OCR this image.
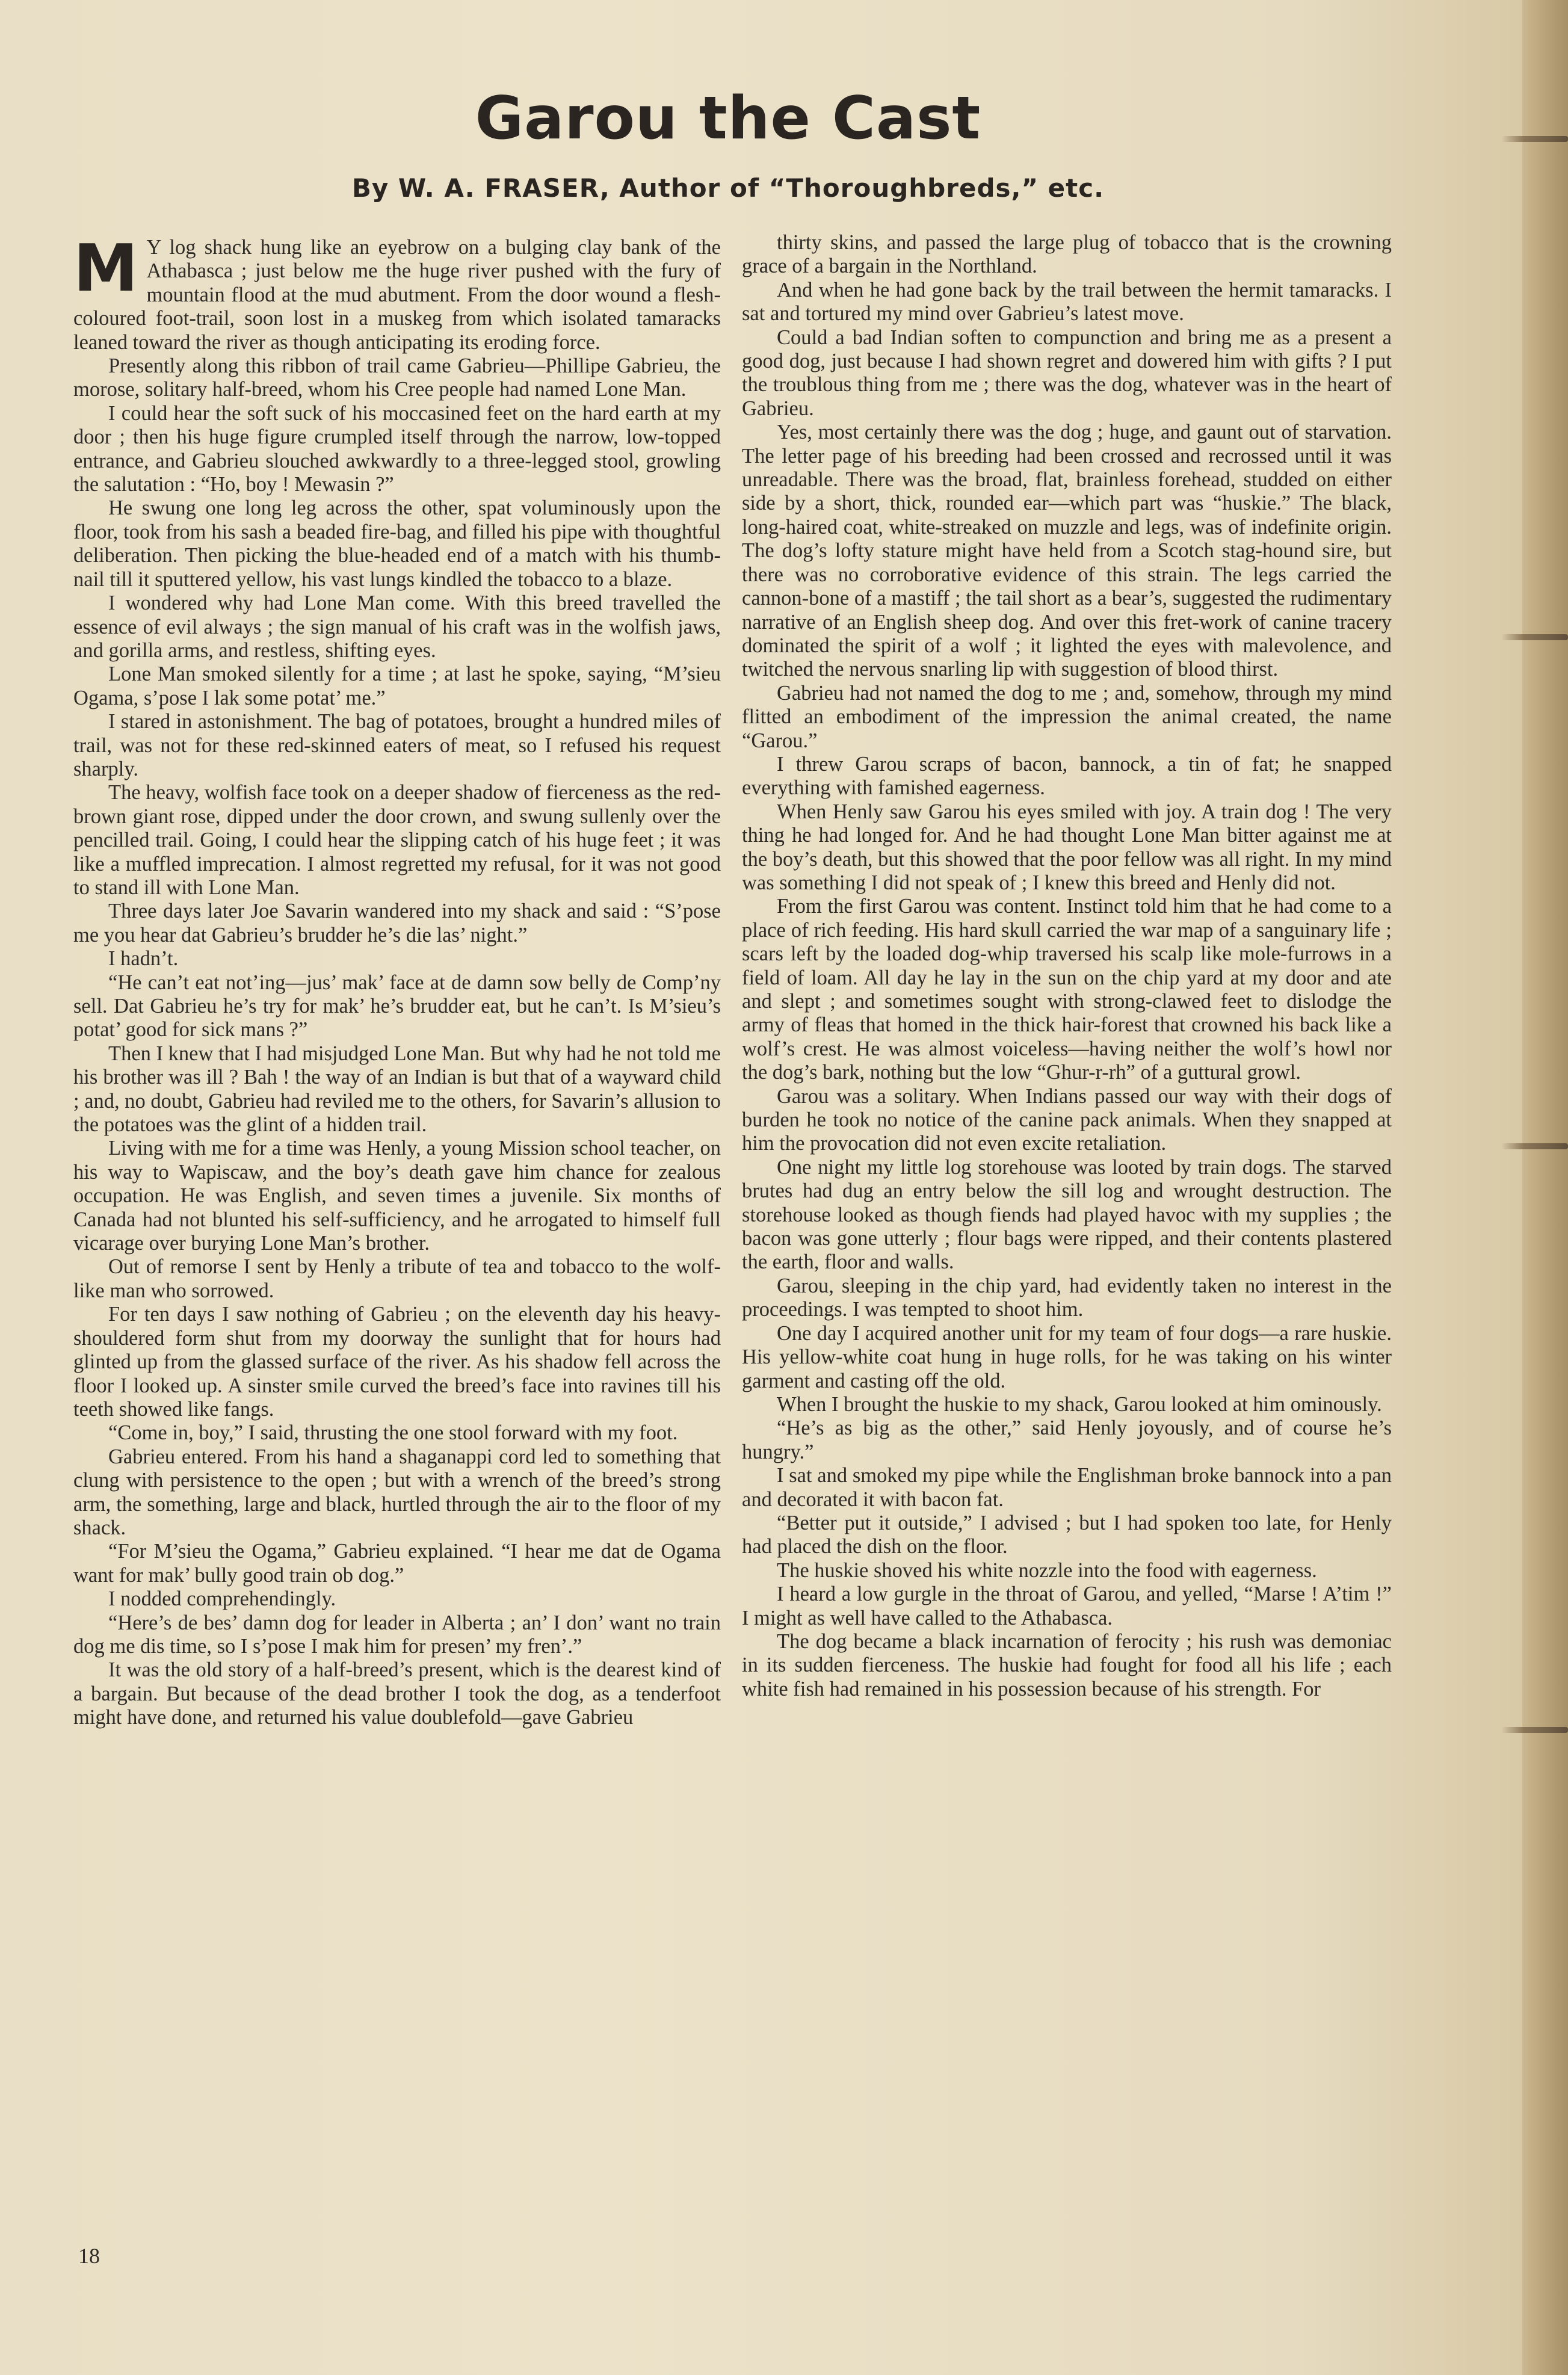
Garou the Cast
By W. A. FRASER, Author of “Thoroughbreds,” etc.
M Y log shack hung like an eyebrow on a bulging clay bank of the Athabasca ; just below me the huge river pushed with the fury of mountain flood at the mud abutment. From the door wound a flesh-coloured foot-trail, soon lost in a muskeg from which isolated tamaracks leaned toward the river as though anticipating its eroding force.

Presently along this ribbon of trail came Gabrieu—Phillipe Gabrieu, the morose, solitary half-breed, whom his Cree people had named Lone Man.

I could hear the soft suck of his moccasined feet on the hard earth at my door ; then his huge figure crumpled itself through the narrow, low-topped entrance, and Gabrieu slouched awkwardly to a three-legged stool, growling the salutation : “Ho, boy ! Mewasin ?”

He swung one long leg across the other, spat voluminously upon the floor, took from his sash a beaded fire-bag, and filled his pipe with thoughtful deliberation. Then picking the blue-headed end of a match with his thumb-nail till it sputtered yellow, his vast lungs kindled the tobacco to a blaze.

I wondered why had Lone Man come. With this breed travelled the essence of evil always ; the sign manual of his craft was in the wolfish jaws, and gorilla arms, and restless, shifting eyes.

Lone Man smoked silently for a time ; at last he spoke, saying, “M’sieu Ogama, s’pose I lak some potat’ me.”

I stared in astonishment. The bag of potatoes, brought a hundred miles of trail, was not for these red-skinned eaters of meat, so I refused his request sharply.

The heavy, wolfish face took on a deeper shadow of fierceness as the red-brown giant rose, dipped under the door crown, and swung sullenly over the pencilled trail. Going, I could hear the slipping catch of his huge feet ; it was like a muffled imprecation. I almost regretted my refusal, for it was not good to stand ill with Lone Man.

Three days later Joe Savarin wandered into my shack and said : “S’pose me you hear dat Gabrieu’s brudder he’s die las’ night.”

I hadn’t.

“He can’t eat not’ing—jus’ mak’ face at de damn sow belly de Comp’ny sell. Dat Gabrieu he’s try for mak’ he’s brudder eat, but he can’t. Is M’sieu’s potat’ good for sick mans ?”

Then I knew that I had misjudged Lone Man. But why had he not told me his brother was ill ? Bah ! the way of an Indian is but that of a wayward child ; and, no doubt, Gabrieu had reviled me to the others, for Savarin’s allusion to the potatoes was the glint of a hidden trail.

Living with me for a time was Henly, a young Mission school teacher, on his way to Wapiscaw, and the boy’s death gave him chance for zealous occupation. He was English, and seven times a juvenile. Six months of Canada had not blunted his self-sufficiency, and he arrogated to himself full vicarage over burying Lone Man’s brother.

Out of remorse I sent by Henly a tribute of tea and tobacco to the wolf-like man who sorrowed.

For ten days I saw nothing of Gabrieu ; on the eleventh day his heavy-shouldered form shut from my doorway the sunlight that for hours had glinted up from the glassed surface of the river. As his shadow fell across the floor I looked up. A sinster smile curved the breed’s face into ravines till his teeth showed like fangs.

“Come in, boy,” I said, thrusting the one stool forward with my foot.

Gabrieu entered. From his hand a shaganappi cord led to something that clung with persistence to the open ; but with a wrench of the breed’s strong arm, the something, large and black, hurtled through the air to the floor of my shack.

“For M’sieu the Ogama,” Gabrieu explained. “I hear me dat de Ogama want for mak’ bully good train ob dog.”

I nodded comprehendingly.

“Here’s de bes’ damn dog for leader in Alberta ; an’ I don’ want no train dog me dis time, so I s’pose I mak him for presen’ my fren’.”

It was the old story of a half-breed’s present, which is the dearest kind of a bargain. But because of the dead brother I took the dog, as a tenderfoot might have done, and returned his value doublefold—gave Gabrieu

thirty skins, and passed the large plug of tobacco that is the crowning grace of a bargain in the Northland.

And when he had gone back by the trail between the hermit tamaracks. I sat and tortured my mind over Gabrieu’s latest move.

Could a bad Indian soften to compunction and bring me as a present a good dog, just because I had shown regret and dowered him with gifts ? I put the troublous thing from me ; there was the dog, whatever was in the heart of Gabrieu.

Yes, most certainly there was the dog ; huge, and gaunt out of starvation. The letter page of his breeding had been crossed and recrossed until it was unreadable. There was the broad, flat, brainless forehead, studded on either side by a short, thick, rounded ear—which part was “huskie.” The black, long-haired coat, white-streaked on muzzle and legs, was of indefinite origin. The dog’s lofty stature might have held from a Scotch stag-hound sire, but there was no corroborative evidence of this strain. The legs carried the cannon-bone of a mastiff ; the tail short as a bear’s, suggested the rudimentary narrative of an English sheep dog. And over this fret-work of canine tracery dominated the spirit of a wolf ; it lighted the eyes with malevolence, and twitched the nervous snarling lip with suggestion of blood thirst.

Gabrieu had not named the dog to me ; and, somehow, through my mind flitted an embodiment of the impression the animal created, the name “Garou.”

I threw Garou scraps of bacon, bannock, a tin of fat; he snapped everything with famished eagerness.

When Henly saw Garou his eyes smiled with joy. A train dog ! The very thing he had longed for. And he had thought Lone Man bitter against me at the boy’s death, but this showed that the poor fellow was all right. In my mind was something I did not speak of ; I knew this breed and Henly did not.

From the first Garou was content. Instinct told him that he had come to a place of rich feeding. His hard skull carried the war map of a sanguinary life ; scars left by the loaded dog-whip traversed his scalp like mole-furrows in a field of loam. All day he lay in the sun on the chip yard at my door and ate and slept ; and sometimes sought with strong-clawed feet to dislodge the army of fleas that homed in the thick hair-forest that crowned his back like a wolf’s crest. He was almost voiceless—having neither the wolf’s howl nor the dog’s bark, nothing but the low “Ghur-r-rh” of a guttural growl.

Garou was a solitary. When Indians passed our way with their dogs of burden he took no notice of the canine pack animals. When they snapped at him the provocation did not even excite retaliation.

One night my little log storehouse was looted by train dogs. The starved brutes had dug an entry below the sill log and wrought destruction. The storehouse looked as though fiends had played havoc with my supplies ; the bacon was gone utterly ; flour bags were ripped, and their contents plastered the earth, floor and walls.

Garou, sleeping in the chip yard, had evidently taken no interest in the proceedings. I was tempted to shoot him.

One day I acquired another unit for my team of four dogs—a rare huskie. His yellow-white coat hung in huge rolls, for he was taking on his winter garment and casting off the old.

When I brought the huskie to my shack, Garou looked at him ominously.

“He’s as big as the other,” said Henly joyously, and of course he’s hungry.”

I sat and smoked my pipe while the Englishman broke bannock into a pan and decorated it with bacon fat.

“Better put it outside,” I advised ; but I had spoken too late, for Henly had placed the dish on the floor.

The huskie shoved his white nozzle into the food with eagerness.

I heard a low gurgle in the throat of Garou, and yelled, “Marse ! A’tim !” I might as well have called to the Athabasca.

The dog became a black incarnation of ferocity ; his rush was demoniac in its sudden fierceness. The huskie had fought for food all his life ; each white fish had remained in his possession because of his strength. For

18
